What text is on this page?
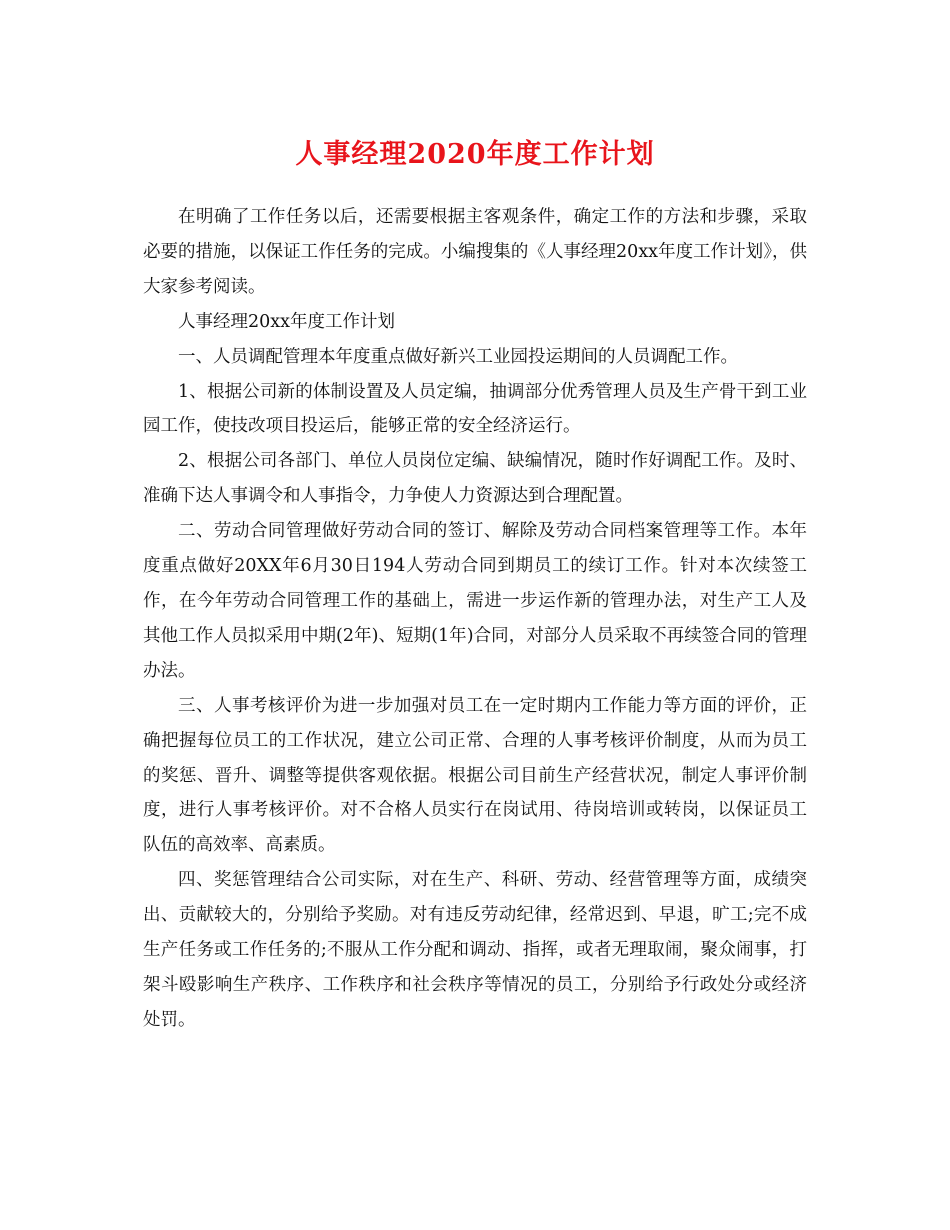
人事经理2020年度工作计划

在明确了工作任务以后，还需要根据主客观条件，确定工作的方法和步骤，采取必要的措施，以保证工作任务的完成。小编搜集的《人事经理20xx年度工作计划》，供大家参考阅读。

人事经理20xx年度工作计划

一、人员调配管理本年度重点做好新兴工业园投运期间的人员调配工作。

1、根据公司新的体制设置及人员定编，抽调部分优秀管理人员及生产骨干到工业园工作，使技改项目投运后，能够正常的安全经济运行。

2、根据公司各部门、单位人员岗位定编、缺编情况，随时作好调配工作。及时、准确下达人事调令和人事指令，力争使人力资源达到合理配置。

二、劳动合同管理做好劳动合同的签订、解除及劳动合同档案管理等工作。本年度重点做好20XX年6月30日194人劳动合同到期员工的续订工作。针对本次续签工作，在今年劳动合同管理工作的基础上，需进一步运作新的管理办法，对生产工人及其他工作人员拟采用中期(2年)、短期(1年)合同，对部分人员采取不再续签合同的管理办法。

三、人事考核评价为进一步加强对员工在一定时期内工作能力等方面的评价，正确把握每位员工的工作状况，建立公司正常、合理的人事考核评价制度，从而为员工的奖惩、晋升、调整等提供客观依据。根据公司目前生产经营状况，制定人事评价制度，进行人事考核评价。对不合格人员实行在岗试用、待岗培训或转岗，以保证员工队伍的高效率、高素质。

四、奖惩管理结合公司实际，对在生产、科研、劳动、经营管理等方面，成绩突出、贡献较大的，分别给予奖励。对有违反劳动纪律，经常迟到、早退，旷工;完不成生产任务或工作任务的;不服从工作分配和调动、指挥，或者无理取闹，聚众闹事，打架斗殴影响生产秩序、工作秩序和社会秩序等情况的员工，分别给予行政处分或经济处罚。
